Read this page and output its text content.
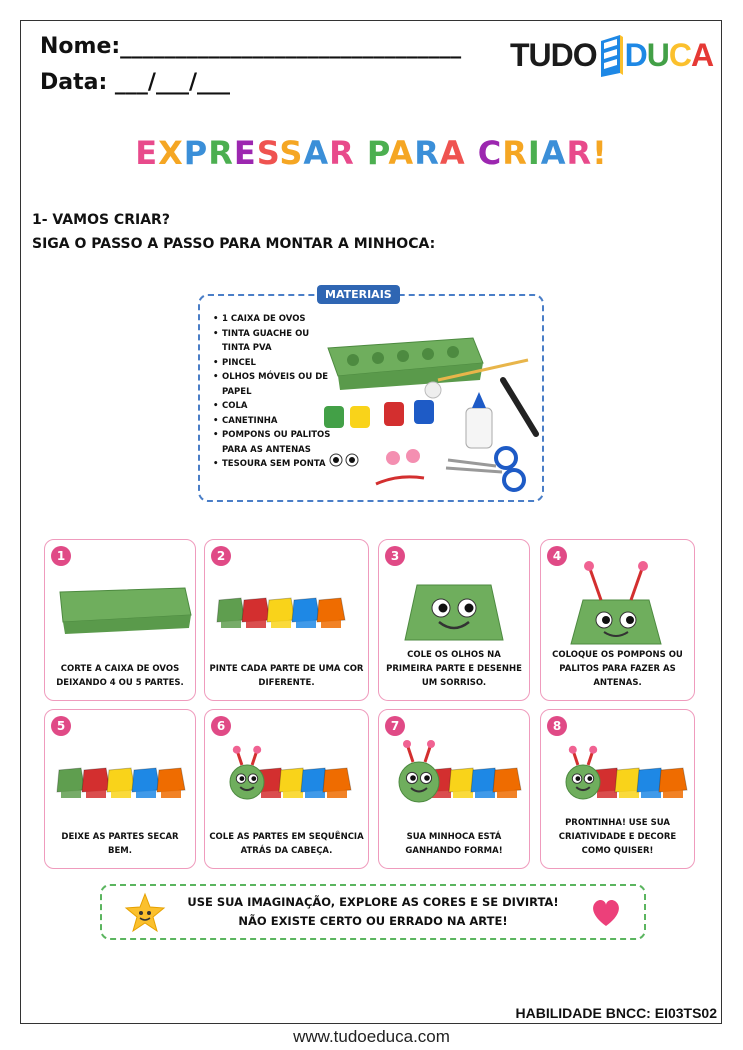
Nome:_______________________________
Data: ___/___/___
TUDO D U C A
EXPRESSAR PARA CRIAR!
1- VAMOS CRIAR?
SIGA O PASSO A PASSO PARA MONTAR A MINHOCA:
MATERIAIS
• 1 CAIXA DE OVOS
• TINTA GUACHE OU TINTA PVA
• PINCEL
• OLHOS MÓVEIS OU DE PAPEL
• COLA
• CANETINHA
• POMPONS OU PALITOS PARA AS ANTENAS
• TESOURA SEM PONTA
1
CORTE A CAIXA DE OVOS DEIXANDO 4 OU 5 PARTES.
2
PINTE CADA PARTE DE UMA COR DIFERENTE.
3
COLE OS OLHOS NA PRIMEIRA PARTE E DESENHE UM SORRISO.
4
COLOQUE OS POMPONS OU PALITOS PARA FAZER AS ANTENAS.
5
DEIXE AS PARTES SECAR BEM.
6
COLE AS PARTES EM SEQUÊNCIA ATRÁS DA CABEÇA.
7
SUA MINHOCA ESTÁ GANHANDO FORMA!
8
PRONTINHA! USE SUA CRIATIVIDADE E DECORE COMO QUISER!
USE SUA IMAGINAÇÃO, EXPLORE AS CORES E SE DIVIRTA!
NÃO EXISTE CERTO OU ERRADO NA ARTE!
HABILIDADE BNCC: EI03TS02
www.tudoeduca.com
